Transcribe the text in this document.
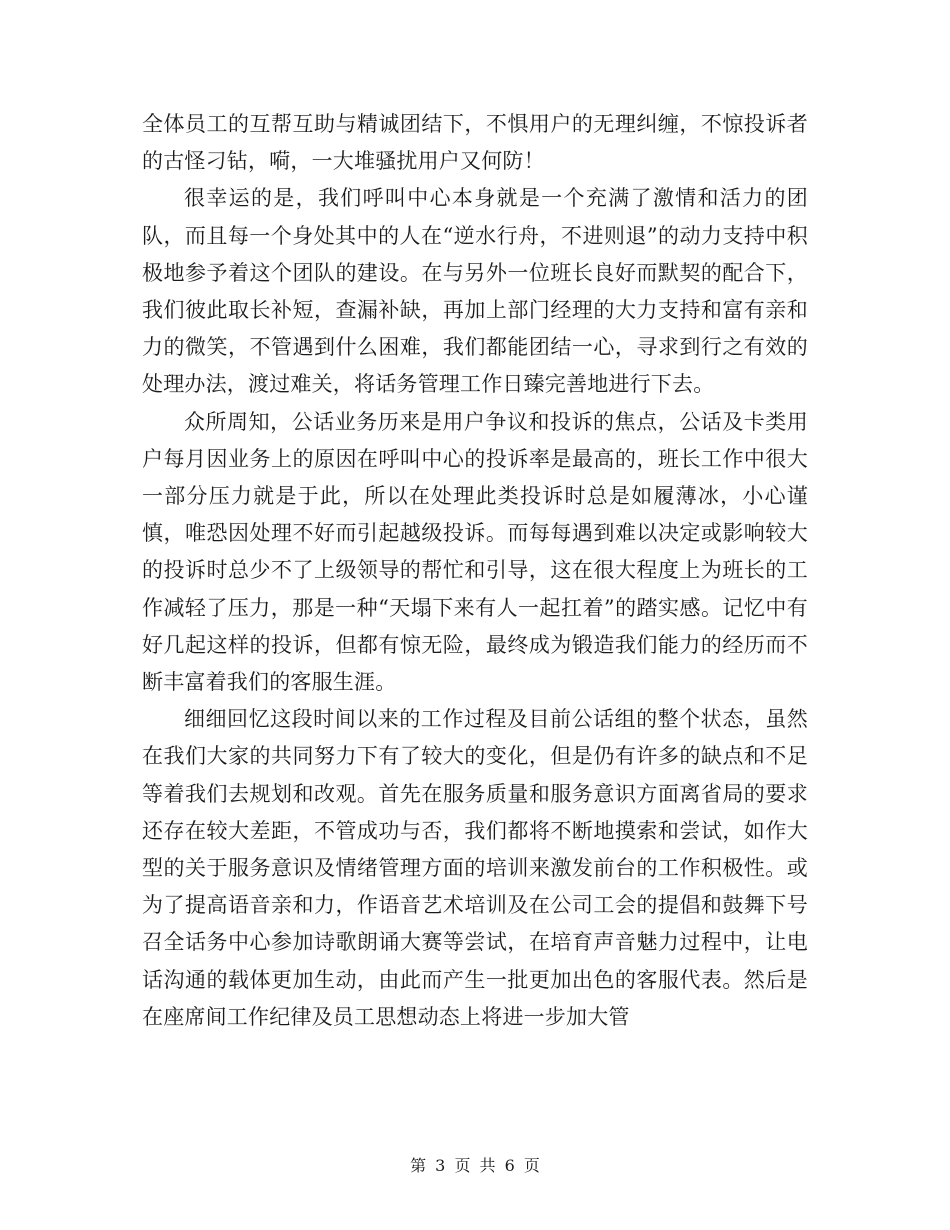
全体员工的互帮互助与精诚团结下，不惧用户的无理纠缠，不惊投诉者的古怪刁钻，嗬，一大堆骚扰用户又何防！

很幸运的是，我们呼叫中心本身就是一个充满了激情和活力的团队，而且每一个身处其中的人在“逆水行舟，不进则退”的动力支持中积极地参予着这个团队的建设。在与另外一位班长良好而默契的配合下，我们彼此取长补短，查漏补缺，再加上部门经理的大力支持和富有亲和力的微笑，不管遇到什么困难，我们都能团结一心，寻求到行之有效的处理办法，渡过难关，将话务管理工作日臻完善地进行下去。

众所周知，公话业务历来是用户争议和投诉的焦点，公话及卡类用户每月因业务上的原因在呼叫中心的投诉率是最高的，班长工作中很大一部分压力就是于此，所以在处理此类投诉时总是如履薄冰，小心谨慎，唯恐因处理不好而引起越级投诉。而每每遇到难以决定或影响较大的投诉时总少不了上级领导的帮忙和引导，这在很大程度上为班长的工作减轻了压力，那是一种“天塌下来有人一起扛着”的踏实感。记忆中有好几起这样的投诉，但都有惊无险，最终成为锻造我们能力的经历而不断丰富着我们的客服生涯。

细细回忆这段时间以来的工作过程及目前公话组的整个状态，虽然在我们大家的共同努力下有了较大的变化，但是仍有许多的缺点和不足等着我们去规划和改观。首先在服务质量和服务意识方面离省局的要求还存在较大差距，不管成功与否，我们都将不断地摸索和尝试，如作大型的关于服务意识及情绪管理方面的培训来激发前台的工作积极性。或为了提高语音亲和力，作语音艺术培训及在公司工会的提倡和鼓舞下号召全话务中心参加诗歌朗诵大赛等尝试，在培育声音魅力过程中，让电话沟通的载体更加生动，由此而产生一批更加出色的客服代表。然后是在座席间工作纪律及员工思想动态上将进一步加大管

第 3 页 共 6 页
